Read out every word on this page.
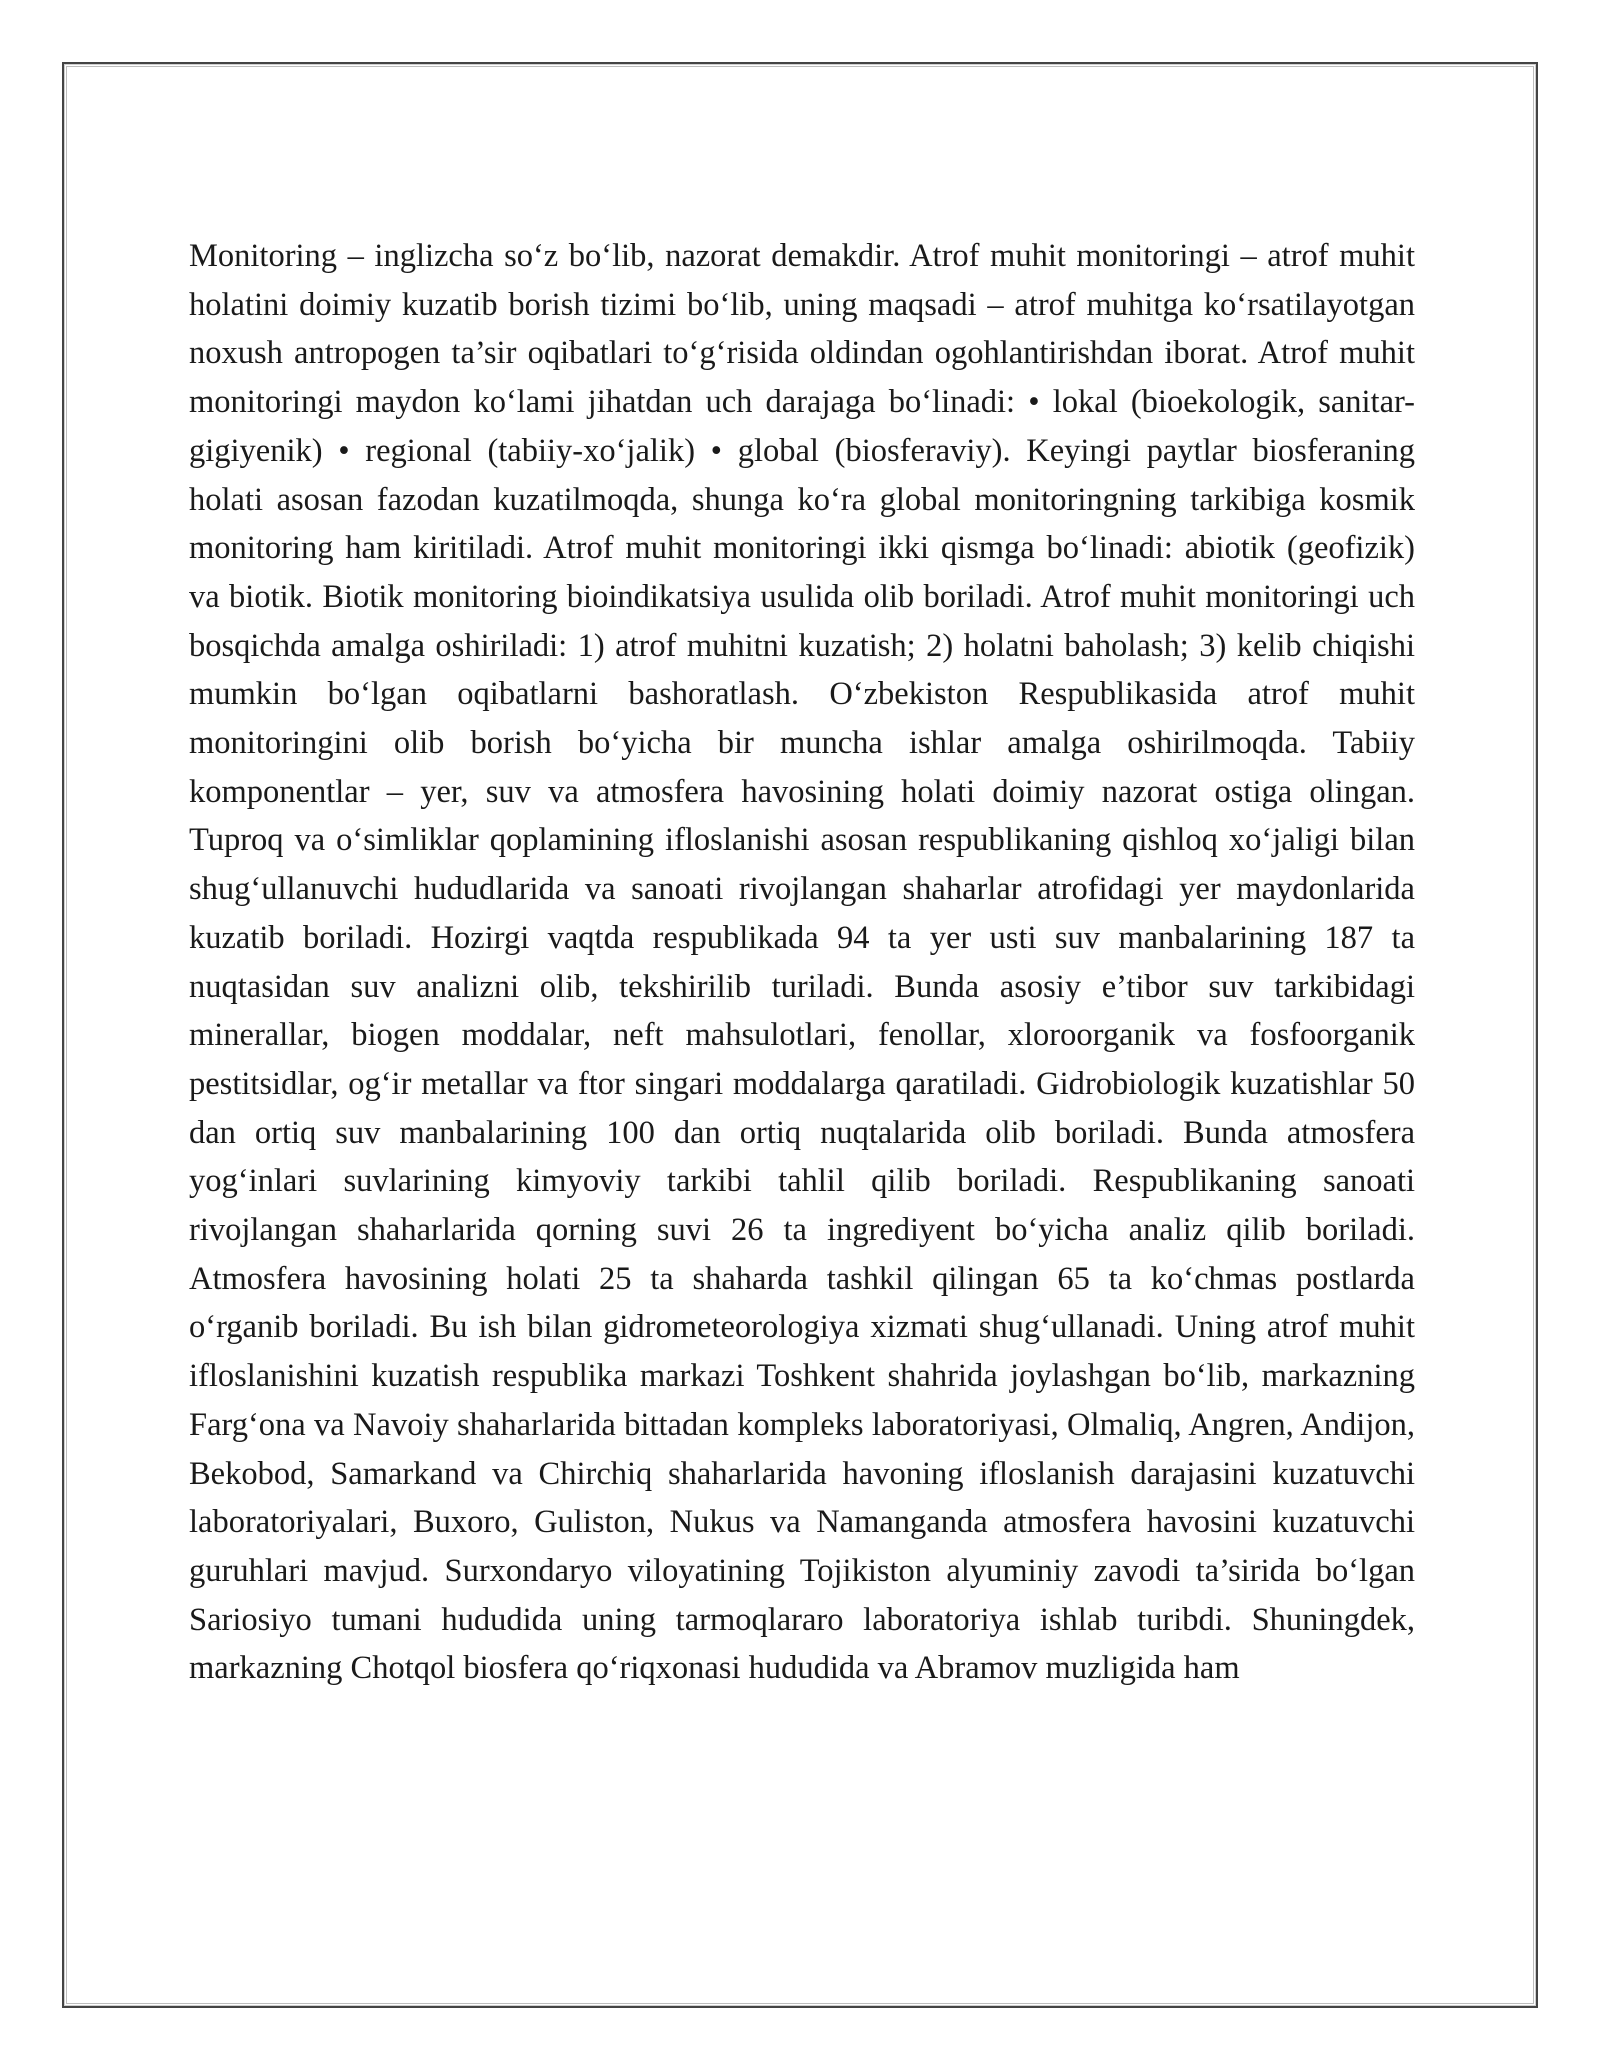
Monitoring – inglizcha so‘z bo‘lib, nazorat demakdir. Atrof muhit monitoringi – atrof muhit holatini doimiy kuzatib borish tizimi bo‘lib, uning maqsadi – atrof muhitga ko‘rsatilayotgan noxush antropogen ta’sir oqibatlari to‘g‘risida oldindan ogohlantirishdan iborat. Atrof muhit monitoringi maydon ko‘lami jihatdan uch darajaga bo‘linadi: • lokal (bioekologik, sanitar-gigiyenik) • regional (tabiiy-xo‘jalik) • global (biosferaviy). Keyingi paytlar biosferaning holati asosan fazodan kuzatilmoqda, shunga ko‘ra global monitoringning tarkibiga kosmik monitoring ham kiritiladi. Atrof muhit monitoringi ikki qismga bo‘linadi: abiotik (geofizik) va biotik. Biotik monitoring bioindikatsiya usulida olib boriladi. Atrof muhit monitoringi uch bosqichda amalga oshiriladi: 1) atrof muhitni kuzatish; 2) holatni baholash; 3) kelib chiqishi mumkin bo‘lgan oqibatlarni bashoratlash. O‘zbekiston Respublikasida atrof muhit monitoringini olib borish bo‘yicha bir muncha ishlar amalga oshirilmoqda. Tabiiy komponentlar – yer, suv va atmosfera havosining holati doimiy nazorat ostiga olingan. Tuproq va o‘simliklar qoplamining ifloslanishi asosan respublikaning qishloq xo‘jaligi bilan shug‘ullanuvchi hududlarida va sanoati rivojlangan shaharlar atrofidagi yer maydonlarida kuzatib boriladi. Hozirgi vaqtda respublikada 94 ta yer usti suv manbalarining 187 ta nuqtasidan suv analizni olib, tekshirilib turiladi. Bunda asosiy e’tibor suv tarkibidagi minerallar, biogen moddalar, neft mahsulotlari, fenollar, xloroorganik va fosfoorganik pestitsidlar, og‘ir metallar va ftor singari moddalarga qaratiladi. Gidrobiologik kuzatishlar 50 dan ortiq suv manbalarining 100 dan ortiq nuqtalarida olib boriladi. Bunda atmosfera yog‘inlari suvlarining kimyoviy tarkibi tahlil qilib boriladi. Respublikaning sanoati rivojlangan shaharlarida qorning suvi 26 ta ingrediyent bo‘yicha analiz qilib boriladi. Atmosfera havosining holati 25 ta shaharda tashkil qilingan 65 ta ko‘chmas postlarda o‘rganib boriladi. Bu ish bilan gidrometeorologiya xizmati shug‘ullanadi. Uning atrof muhit ifloslanishini kuzatish respublika markazi Toshkent shahrida joylashgan bo‘lib, markazning Farg‘ona va Navoiy shaharlarida bittadan kompleks laboratoriyasi, Olmaliq, Angren, Andijon, Bekobod, Samarkand va Chirchiq shaharlarida havoning ifloslanish darajasini kuzatuvchi laboratoriyalari, Buxoro, Guliston, Nukus va Namanganda atmosfera havosini kuzatuvchi guruhlari mavjud. Surxondaryo viloyatining Tojikiston alyuminiy zavodi ta’sirida bo‘lgan Sariosiyo tumani hududida uning tarmoqlararo laboratoriya ishlab turibdi. Shuningdek, markazning Chotqol biosfera qo‘riqxonasi hududida va Abramov muzligida ham
